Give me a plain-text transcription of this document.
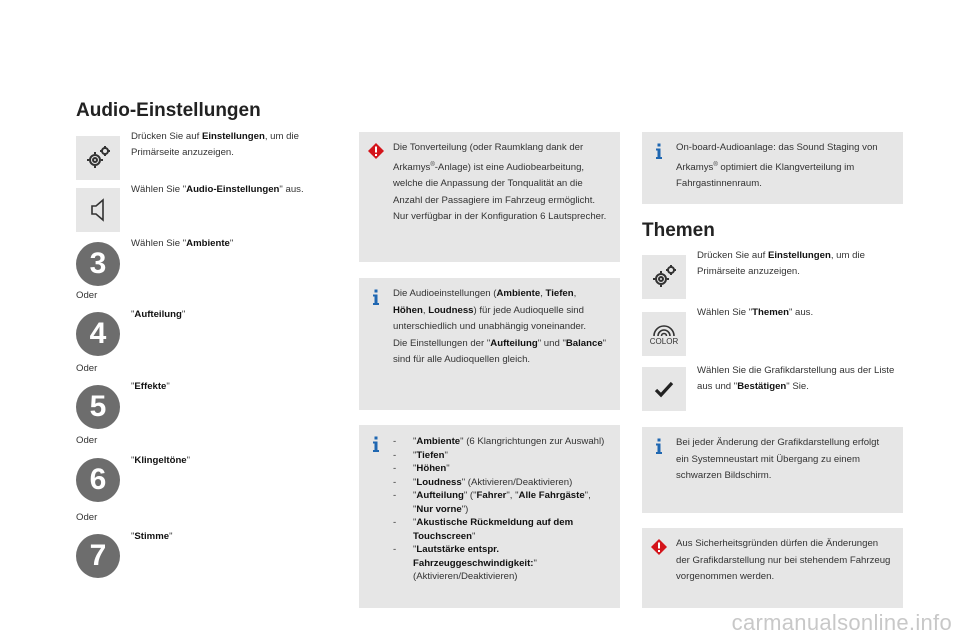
Audio-Einstellungen

Drücken Sie auf Einstellungen, um die Primärseite anzuzeigen.

Wählen Sie "Audio-Einstellungen" aus.

3

Wählen Sie "Ambiente"

Oder
4

"Aufteilung"

Oder
5

"Effekte"

Oder
6

"Klingeltöne"

Oder
7

"Stimme"

Die Tonverteilung (oder Raumklang dank der Arkamys®-Anlage) ist eine Audiobearbeitung, welche die Anpassung der Tonqualität an die Anzahl der Passagiere im Fahrzeug ermöglicht.
Nur verfügbar in der Konfiguration 6 Lautsprecher.
Die Audioeinstellungen (Ambiente, Tiefen, Höhen, Loudness) für jede Audioquelle sind unterschiedlich und unabhängig voneinander.
Die Einstellungen der "Aufteilung" und "Balance" sind für alle Audioquellen gleich.
- "Ambiente" (6 Klangrichtungen zur Auswahl)
- "Tiefen"
- "Höhen"
- "Loudness" (Aktivieren/Deaktivieren)
- "Aufteilung" ("Fahrer", "Alle Fahrgäste", "Nur vorne")
- "Akustische Rückmeldung auf dem Touchscreen"
- "Lautstärke entspr. Fahrzeuggeschwindigkeit:" (Aktivieren/Deaktivieren)
On-board-Audioanlage: das Sound Staging von Arkamys® optimiert die Klangverteilung im Fahrgastinnenraum.
Themen

Drücken Sie auf Einstellungen, um die Primärseite anzuzeigen.

COLOR

Wählen Sie "Themen" aus.

Wählen Sie die Grafikdarstellung aus der Liste aus und "Bestätigen" Sie.

Bei jeder Änderung der Grafikdarstellung erfolgt ein Systemneustart mit Übergang zu einem schwarzen Bildschirm.
Aus Sicherheitsgründen dürfen die Änderungen der Grafikdarstellung nur bei stehendem Fahrzeug vorgenommen werden.
carmanualsonline.info
